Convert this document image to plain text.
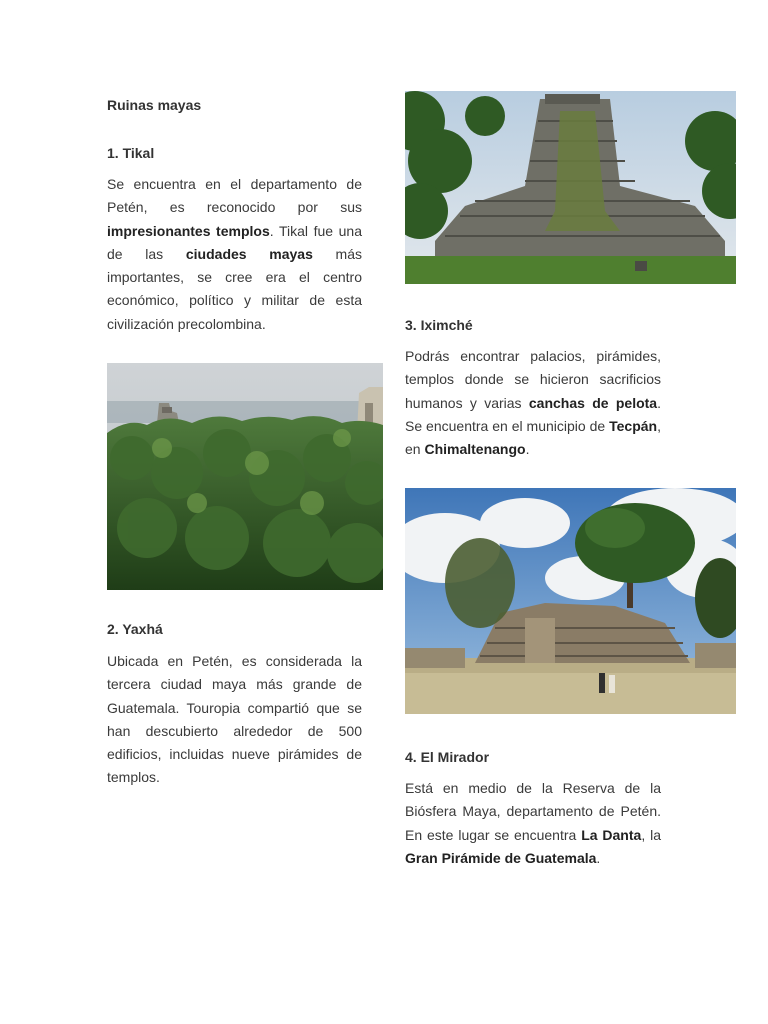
Ruinas mayas
1. Tikal

Se encuentra en el departamento de Petén, es reconocido por sus impresionantes templos. Tikal fue una de las ciudades mayas más importantes, se cree era el centro económico, político y militar de esta civilización precolombina.

2. Yaxhá

Ubicada en Petén, es considerada la tercera ciudad maya más grande de Guatemala. Touropia compartió que se han descubierto alrededor de 500 edificios, incluidas nueve pirámides de templos.

3. Iximché

Podrás encontrar palacios, pirámides, templos donde se hicieron sacrificios humanos y varias canchas de pelota. Se encuentra en el municipio de Tecpán, en Chimaltenango.

4. El Mirador

Está en medio de la Reserva de la Biósfera Maya, departamento de Petén. En este lugar se encuentra La Danta, la Gran Pirámide de Guatemala.
